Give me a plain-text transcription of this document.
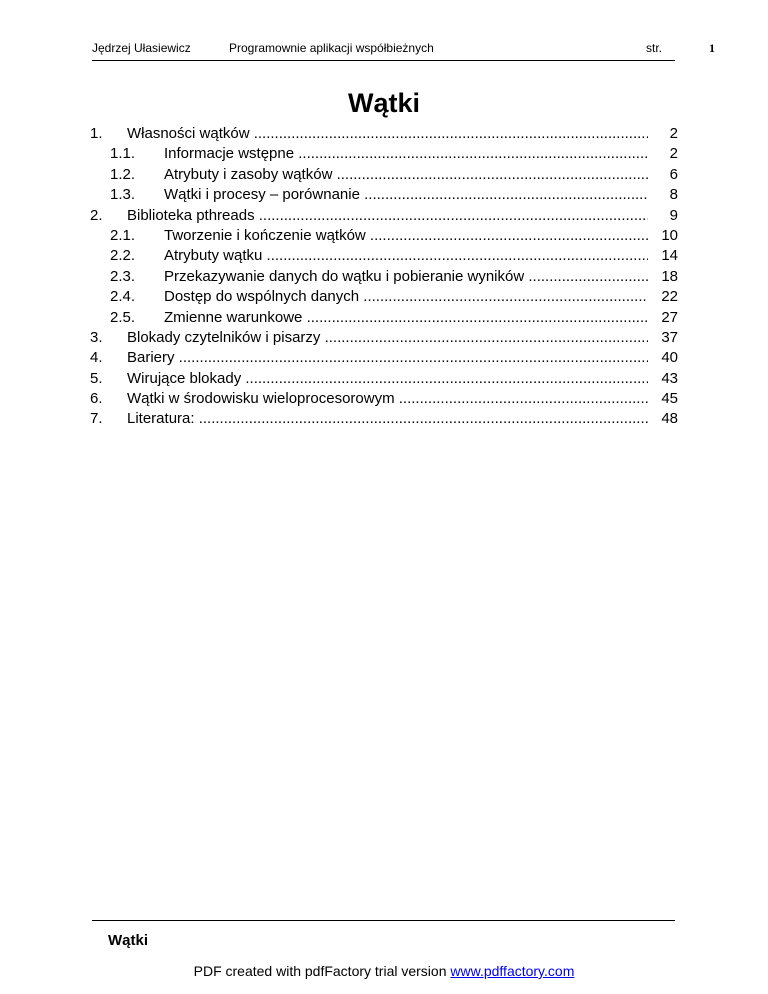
Jędrzej Ułasiewicz	Programownie aplikacji współbieżnych	str.	1
Wątki
1. Własności wątków .....	2
1.1. Informacje wstępne .....	2
1.2. Atrybuty i zasoby wątków .....	6
1.3. Wątki i procesy – porównanie .....	8
2. Biblioteka pthreads .....	9
2.1. Tworzenie i kończenie wątków .....	10
2.2. Atrybuty wątku .....	14
2.3. Przekazywanie danych do wątku i pobieranie wyników .....	18
2.4. Dostęp do wspólnych danych .....	22
2.5. Zmienne warunkowe .....	27
3. Blokady czytelników i pisarzy .....	37
4. Bariery .....	40
5. Wirujące blokady .....	43
6. Wątki w środowisku wieloprocesorowym .....	45
7. Literatura: .....	48
Wątki
PDF created with pdfFactory trial version www.pdffactory.com
